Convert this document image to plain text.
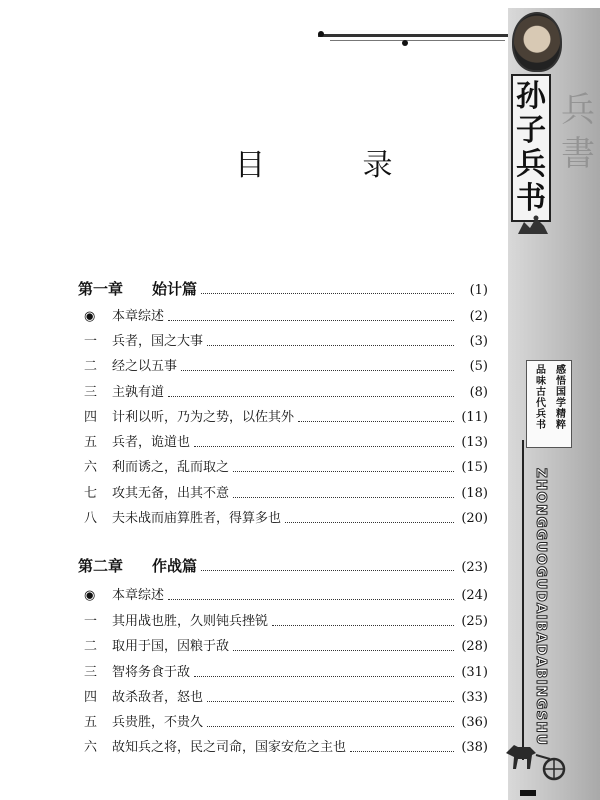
孙
子
兵
书
兵書
感悟国学精粹
品味古代兵书
ZHONGGUOGUDAIBADABINGSHU
目 录
第一章	始计篇	(1)
◉	本章综述	(2)
一	兵者，国之大事	(3)
二	经之以五事	(5)
三	主孰有道	(8)
四	计利以听，乃为之势，以佐其外	(11)
五	兵者，诡道也	(13)
六	利而诱之，乱而取之	(15)
七	攻其无备，出其不意	(18)
八	夫未战而庙算胜者，得算多也	(20)
第二章	作战篇	(23)
◉	本章综述	(24)
一	其用战也胜，久则钝兵挫锐	(25)
二	取用于国，因粮于敌	(28)
三	智将务食于敌	(31)
四	故杀敌者，怒也	(33)
五	兵贵胜，不贵久	(36)
六	故知兵之将，民之司命，国家安危之主也	(38)
